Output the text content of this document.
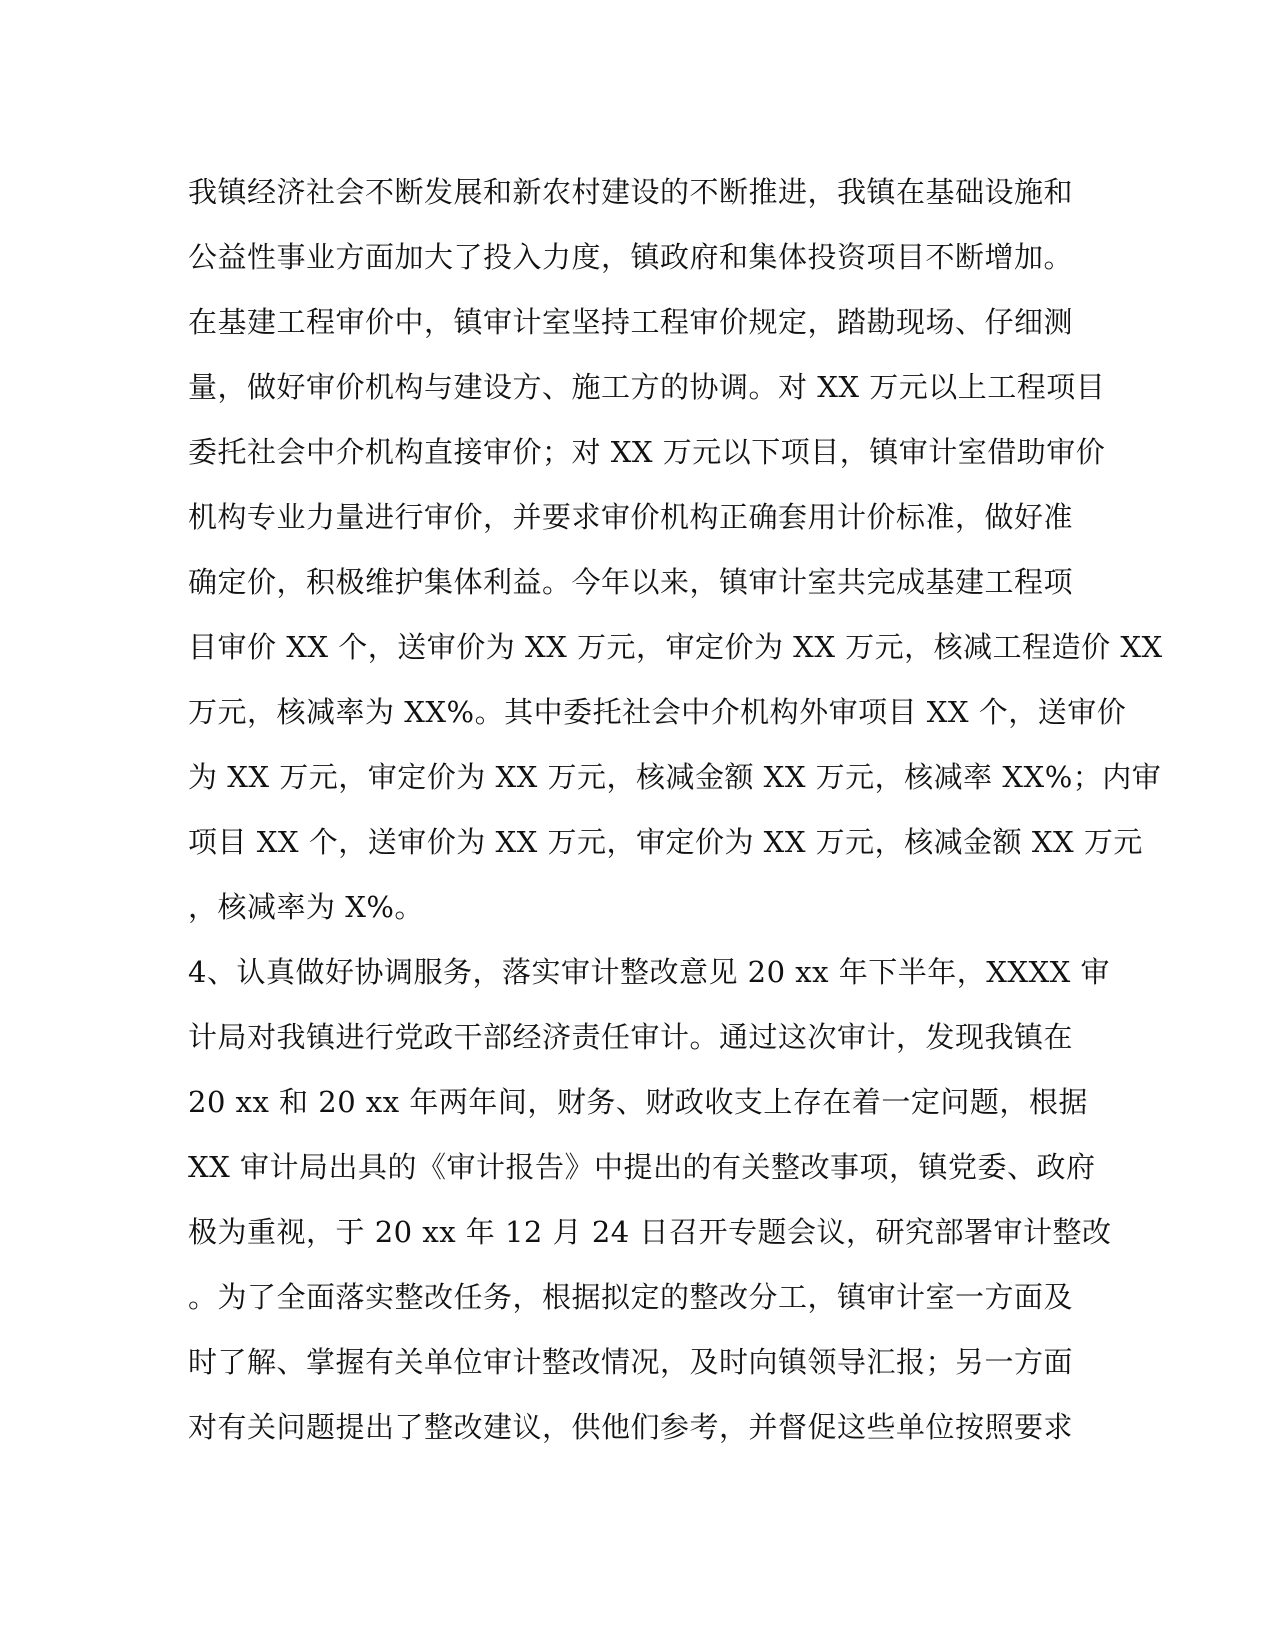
我镇经济社会不断发展和新农村建设的不断推进，我镇在基础设施和
公益性事业方面加大了投入力度，镇政府和集体投资项目不断增加。
在基建工程审价中，镇审计室坚持工程审价规定，踏勘现场、仔细测
量，做好审价机构与建设方、施工方的协调。对 XX 万元以上工程项目
委托社会中介机构直接审价；对 XX 万元以下项目，镇审计室借助审价
机构专业力量进行审价，并要求审价机构正确套用计价标准，做好准
确定价，积极维护集体利益。今年以来，镇审计室共完成基建工程项
目审价 XX 个，送审价为 XX 万元，审定价为 XX 万元，核减工程造价 XX
万元，核减率为 XX%。其中委托社会中介机构外审项目 XX 个，送审价
为 XX 万元，审定价为 XX 万元，核减金额 XX 万元，核减率 XX%；内审
项目 XX 个，送审价为 XX 万元，审定价为 XX 万元，核减金额 XX 万元
，核减率为 X%。
4、认真做好协调服务，落实审计整改意见 20 xx 年下半年，XXXX 审
计局对我镇进行党政干部经济责任审计。通过这次审计，发现我镇在
20 xx 和 20 xx 年两年间，财务、财政收支上存在着一定问题，根据
XX 审计局出具的《审计报告》中提出的有关整改事项，镇党委、政府
极为重视，于 20 xx 年 12 月 24 日召开专题会议，研究部署审计整改
。为了全面落实整改任务，根据拟定的整改分工，镇审计室一方面及
时了解、掌握有关单位审计整改情况，及时向镇领导汇报；另一方面
对有关问题提出了整改建议，供他们参考，并督促这些单位按照要求
